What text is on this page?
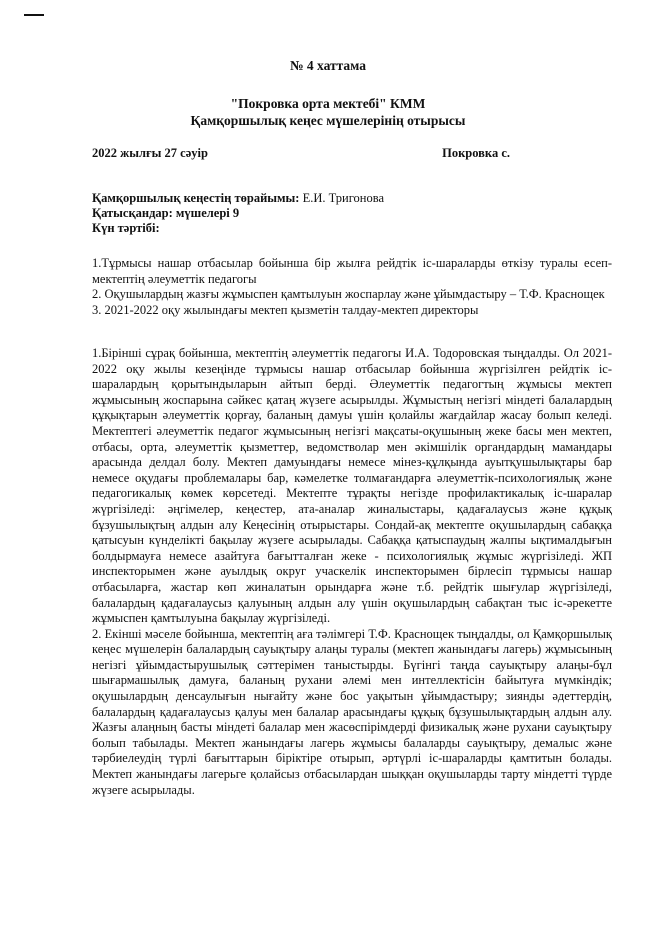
№ 4 хаттама
"Покровка орта мектебі" КММ
Қамқоршылық кеңес мүшелерінің отырысы
2022 жылғы 27 сәуір	Покровка с.
Қамқоршылық кеңестің төрайымы: Е.И. Тригонова
Қатысқандар: мүшелері 9
Күн тәртібі:

1.Тұрмысы нашар отбасылар бойынша бір жылға рейдтік іс-шараларды өткізу туралы есеп-мектептің әлеуметтік педагогы

2. Оқушылардың жазғы жұмыспен қамтылуын жоспарлау және ұйымдастыру – Т.Ф. Краснощек

3. 2021-2022 оқу жылындағы мектеп қызметін талдау-мектеп директоры

1.Бірінші сұрақ бойынша, мектептің әлеуметтік педагогы И.А. Тодоровская тыңдалды. Ол 2021-2022 оқу жылы кезеңінде тұрмысы нашар отбасылар бойынша жүргізілген рейдтік іс-шаралардың қорытындыларын айтып берді. Әлеуметтік педагогтың жұмысы мектеп жұмысының жоспарына сәйкес қатаң жүзеге асырылды. Жұмыстың негізгі міндеті балалардың құқықтарын әлеуметтік қорғау, баланың дамуы үшін қолайлы жағдайлар жасау болып келеді. Мектептегі әлеуметтік педагог жұмысының негізгі мақсаты-оқушының жеке басы мен мектеп, отбасы, орта, әлеуметтік қызметтер, ведомстволар мен әкімшілік органдардың мамандары арасында делдал болу. Мектеп дамуындағы немесе мінез-құлқында ауытқушылықтары бар немесе оқудағы проблемалары бар, кәмелетке толмағандарға әлеуметтік-психологиялық және педагогикалық көмек көрсетеді. Мектепте тұрақты негізде профилактикалық іс-шаралар жүргізіледі: әңгімелер, кеңестер, ата-аналар жиналыстары, қадағалаусыз және құқық бұзушылықтың алдын алу Кеңесінің отырыстары. Сондай-ақ мектепте оқушылардың сабаққа қатысуын күнделікті бақылау жүзеге асырылады. Сабаққа қатыспаудың жалпы ықтималдығын болдырмауға немесе азайтуға бағытталған жеке - психологиялық жұмыс жүргізіледі. ЖП инспекторымен және ауылдық округ учаскелік инспекторымен бірлесіп тұрмысы нашар отбасыларға, жастар көп жиналатын орындарға және т.б. рейдтік шығулар жүргізіледі, балалардың қадағалаусыз қалуының алдын алу үшін оқушылардың сабақтан тыс іс-әрекетте жұмыспен қамтылуына бақылау жүргізіледі.

2. Екінші мәселе бойынша, мектептің аға тәлімгері Т.Ф. Краснощек тыңдалды, ол Қамқоршылық кеңес мүшелерін балалардың сауықтыру алаңы туралы (мектеп жанындағы лагерь) жұмысының негізгі ұйымдастырушылық сәттерімен таныстырды. Бүгінгі таңда сауықтыру алаңы-бұл шығармашылық дамуға, баланың рухани әлемі мен интеллектісін байытуға мүмкіндік; оқушылардың денсаулығын нығайту және бос уақытын ұйымдастыру; зиянды әдеттердің, балалардың қадағалаусыз қалуы мен балалар арасындағы құқық бұзушылықтардың алдын алу. Жазғы алаңның басты міндеті балалар мен жасөспірімдерді физикалық және рухани сауықтыру болып табылады. Мектеп жанындағы лагерь жұмысы балаларды сауықтыру, демалыс және тәрбиелеудің түрлі бағыттарын біріктіре отырып, әртүрлі іс-шараларды қамтитын болады. Мектеп жанындағы лагерьге қолайсыз отбасылардан шыққан оқушыларды тарту міндетті түрде жүзеге асырылады.
